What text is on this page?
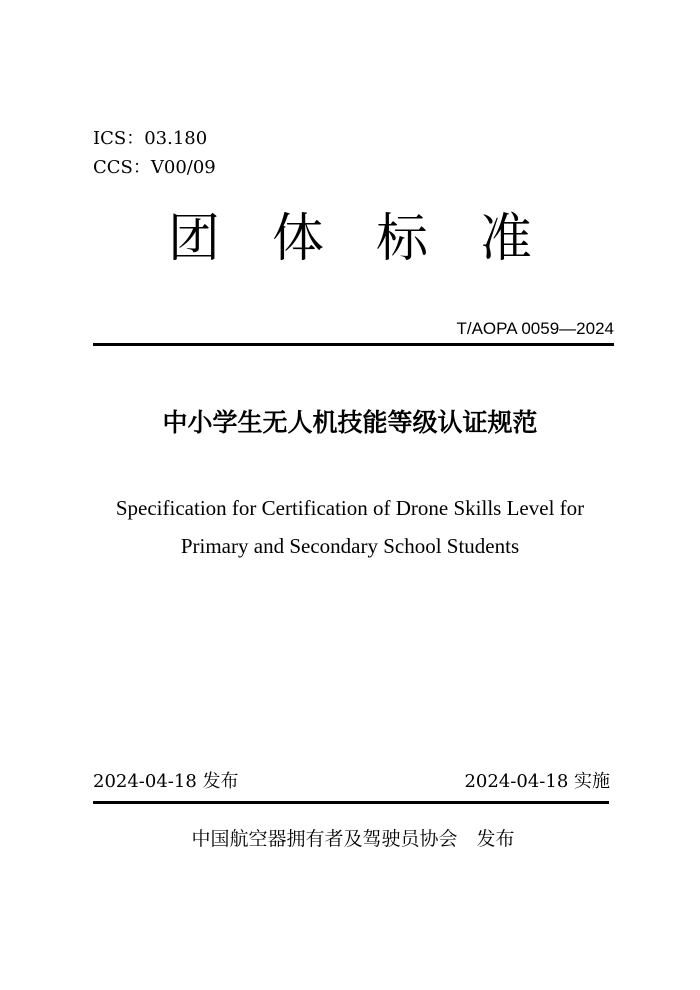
ICS：03.180
CCS：V00/09
团体标准
T/AOPA 0059—2024
中小学生无人机技能等级认证规范
Specification for Certification of Drone Skills Level for
Primary and Secondary School Students
2024-04-18 发布	2024-04-18 实施
中国航空器拥有者及驾驶员协会　发布
